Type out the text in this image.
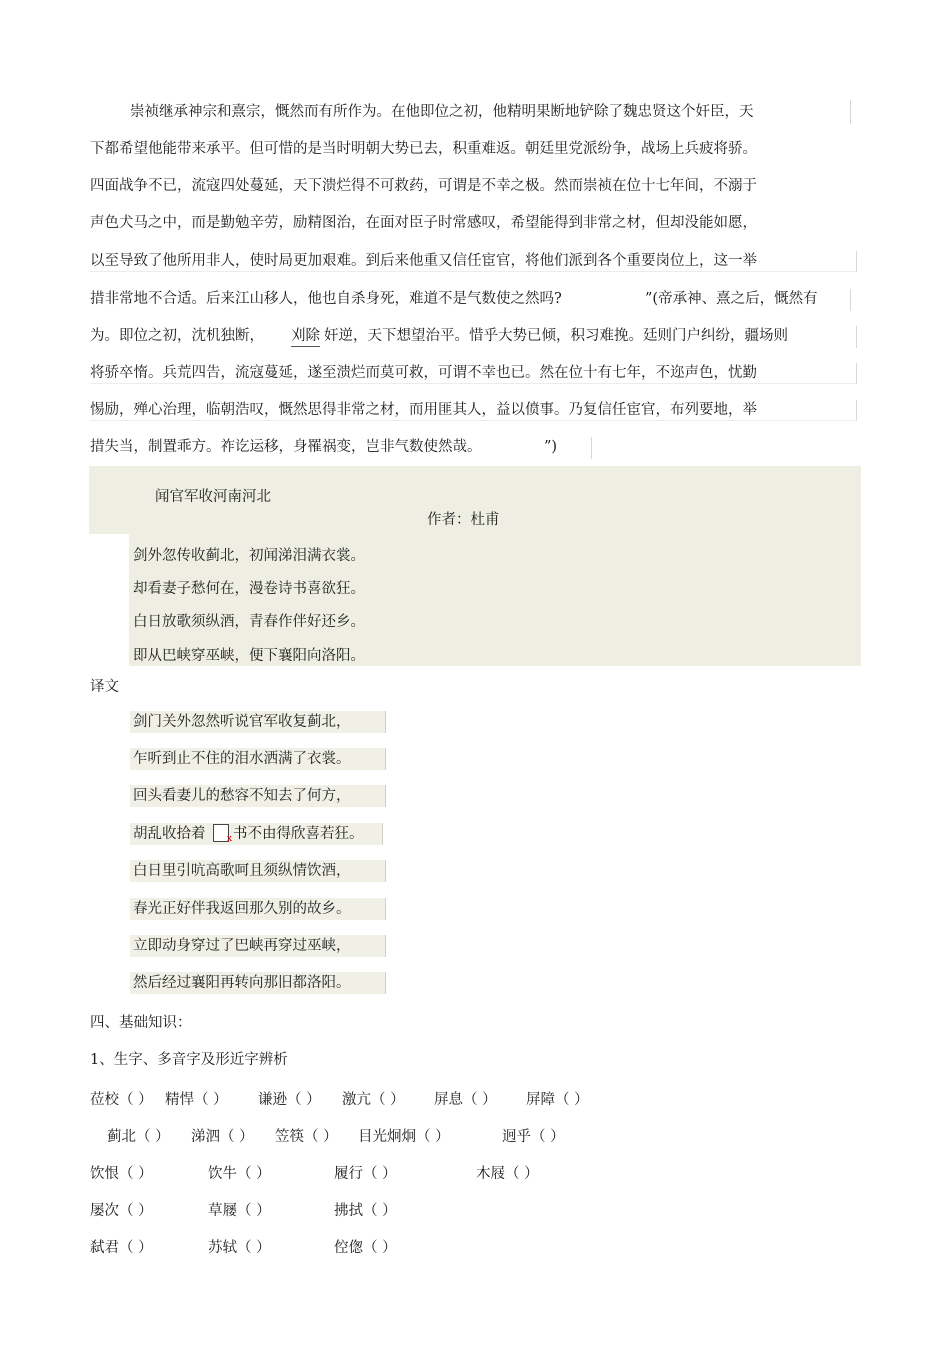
崇祯继承神宗和熹宗，慨然而有所作为。在他即位之初，他精明果断地铲除了魏忠贤这个奸臣，天
下都希望他能带来承平。但可惜的是当时明朝大势已去，积重难返。朝廷里党派纷争，战场上兵疲将骄。
四面战争不已，流寇四处蔓延，天下溃烂得不可救药，可谓是不幸之极。然而崇祯在位十七年间，不溺于
声色犬马之中，而是勤勉辛劳，励精图治，在面对臣子时常感叹，希望能得到非常之材，但却没能如愿，
以至导致了他所用非人，使时局更加艰难。到后来他重又信任宦官，将他们派到各个重要岗位上，这一举
措非常地不合适。后来江山移人，他也自杀身死，难道不是气数使之然吗?	”(帝承神、熹之后，慨然有
为。即位之初，沈机独断， 刈除 奸逆，天下想望治平。惜乎大势已倾，积习难挽。廷则门户纠纷，疆场则
将骄卒惰。兵荒四告，流寇蔓延，遂至溃烂而莫可救，可谓不幸也已。然在位十有七年，不迩声色，忧勤
惕励，殚心治理，临朝浩叹，慨然思得非常之材，而用匪其人，益以偾事。乃复信任宦官，布列要地，举
措失当，制置乖方。祚讫运移，身罹祸变，岂非气数使然哉。	”)
闻官军收河南河北
作者：杜甫
剑外忽传收蓟北，初闻涕泪满衣裳。
却看妻子愁何在，漫卷诗书喜欲狂。
白日放歌须纵酒，青春作伴好还乡。
即从巴峡穿巫峡，便下襄阳向洛阳。
译文
剑门关外忽然听说官军收复蓟北，
乍听到止不住的泪水洒满了衣裳。
回头看妻儿的愁容不知去了何方，
胡乱收拾着 x 书不由得欣喜若狂。
白日里引吭高歌呵且须纵情饮酒，
春光正好伴我返回那久别的故乡。
立即动身穿过了巴峡再穿过巫峡，
然后经过襄阳再转向那旧都洛阳。
四、基础知识：
1、生字、多音字及形近字辨析
莅校（ ） 精悍（ ） 谦逊（ ） 激亢（ ） 屏息（ ） 屏障（ ）
蓟北（ ） 涕泗（ ） 笠筷（ ） 目光炯炯（ ）	迥乎（ ）
饮恨（ ）	饮牛（ ）	履行（ ）	木屐（ ）
屡次（ ）	草屦（ ）	拂拭（ ）
弑君（ ）	苏轼（ ）	倥偬（ ）
